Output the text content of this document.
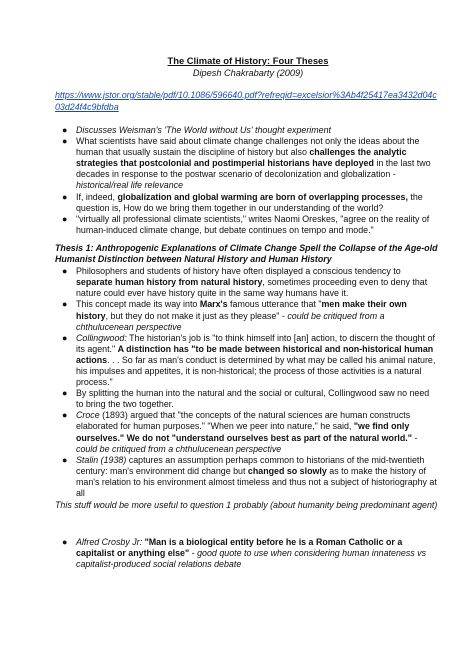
The Climate of History: Four Theses

Dipesh Chakrabarty (2009)

https://www.jstor.org/stable/pdf/10.1086/596640.pdf?refreqid=excelsior%3Ab4f25417ea3432d04c03d24f4c9bfdba
● Discusses Weisman's 'The World without Us' thought experiment
● What scientists have said about climate change challenges not only the ideas about the human that usually sustain the discipline of history but also challenges the analytic strategies that postcolonial and postimperial historians have deployed in the last two decades in response to the postwar scenario of decolonization and globalization - historical/real life relevance
● If, indeed, globalization and global warming are born of overlapping processes, the question is, How do we bring them together in our understanding of the world?
● "virtually all professional climate scientists," writes Naomi Oreskes, "agree on the reality of human-induced climate change, but debate continues on tempo and mode."

Thesis 1: Anthropogenic Explanations of Climate Change Spell the Collapse of the Age-old Humanist Distinction between Natural History and Human History

● Philosophers and students of history have often displayed a conscious tendency to separate human history from natural history, sometimes proceeding even to deny that nature could ever have history quite in the same way humans have it.
● This concept made its way into Marx's famous utterance that "men make their own history, but they do not make it just as they please" - could be critiqued from a chthulucenean perspective
● Collingwood: The historian's job is "to think himself into [an] action, to discern the thought of its agent." A distinction has "to be made between historical and non-historical human actions. . . So far as man's conduct is determined by what may be called his animal nature, his impulses and appetites, it is non-historical; the process of those activities is a natural process."
● By splitting the human into the natural and the social or cultural, Collingwood saw no need to bring the two together.
● Croce (1893) argued that "the concepts of the natural sciences are human constructs elaborated for human purposes." "When we peer into nature," he said, "we find only ourselves." We do not "understand ourselves best as part of the natural world." - could be critiqued from a chthulucenean perspective
● Stalin (1938) captures an assumption perhaps common to historians of the mid-twentieth century: man's environment did change but changed so slowly as to make the history of man's relation to his environment almost timeless and thus not a subject of historiography at all

This stuff would be more useful to question 1 probably (about humanity being predominant agent)

● Alfred Crosby Jr: "Man is a biological entity before he is a Roman Catholic or a capitalist or anything else" - good quote to use when considering human innateness vs capitalist-produced social relations debate
